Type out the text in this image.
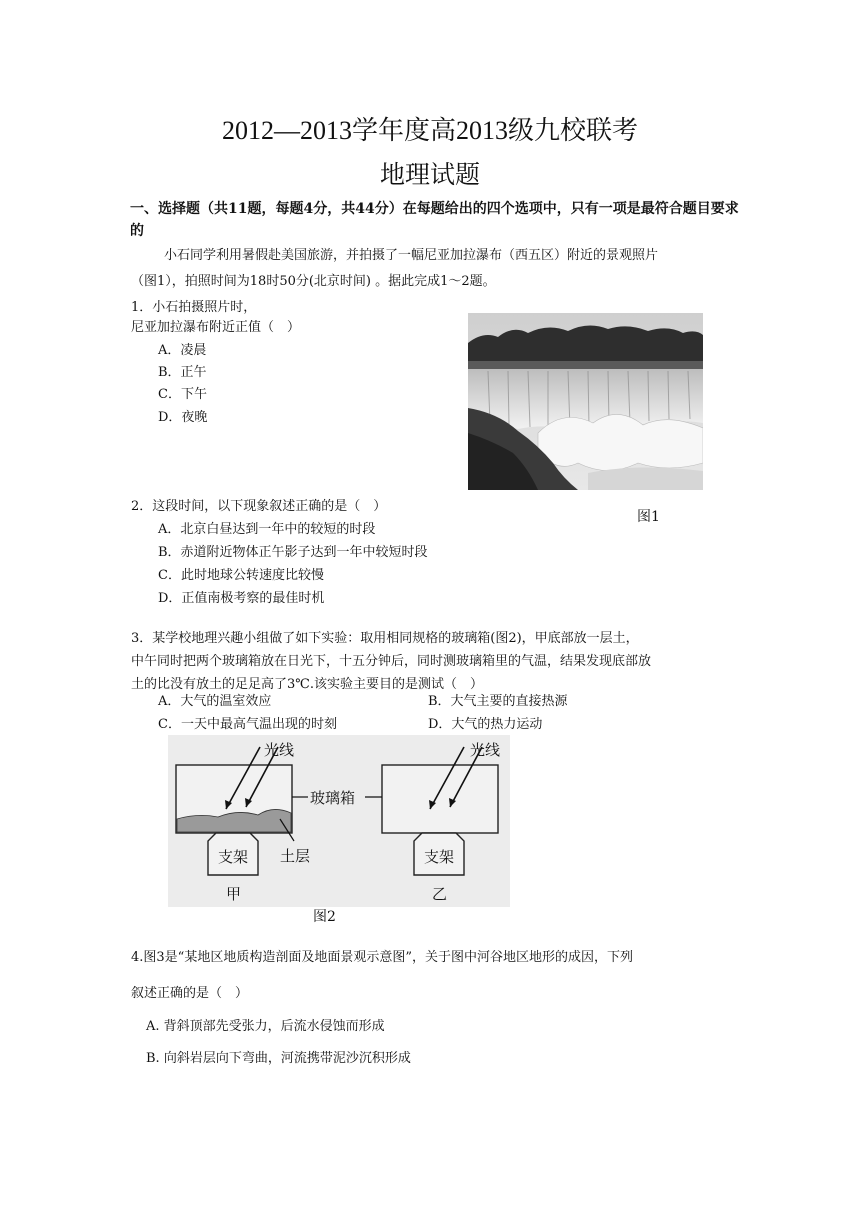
2012—2013学年度高2013级九校联考
地理试题
一、选择题（共11题，每题4分，共44分）在每题给出的四个选项中，只有一项是最符合题目要求的
小石同学利用暑假赴美国旅游，并拍摄了一幅尼亚加拉瀑布（西五区）附近的景观照片
（图1），拍照时间为18时50分(北京时间) 。据此完成1～2题。
1．小石拍摄照片时，
尼亚加拉瀑布附近正值（　）
A．凌晨
B．正午
C．下午
D．夜晚
图1
2．这段时间，以下现象叙述正确的是（　）
A．北京白昼达到一年中的较短的时段
B．赤道附近物体正午影子达到一年中较短时段
C．此时地球公转速度比较慢
D．正值南极考察的最佳时机
3．某学校地理兴趣小组做了如下实验：取用相同规格的玻璃箱(图2)，甲底部放一层土，
中午同时把两个玻璃箱放在日光下，十五分钟后，同时测玻璃箱里的气温，结果发现底部放
土的比没有放土的足足高了3℃.该实验主要目的是测试（　）
A．大气的温室效应	B．大气主要的直接热源
C．一天中最高气温出现的时刻	D．大气的热力运动
光线	光线
玻璃箱
土层
支架	支架
甲	乙
图2
4.图3是“某地区地质构造剖面及地面景观示意图”，关于图中河谷地区地形的成因，下列
叙述正确的是（　）
A. 背斜顶部先受张力，后流水侵蚀而形成
B. 向斜岩层向下弯曲，河流携带泥沙沉积形成
